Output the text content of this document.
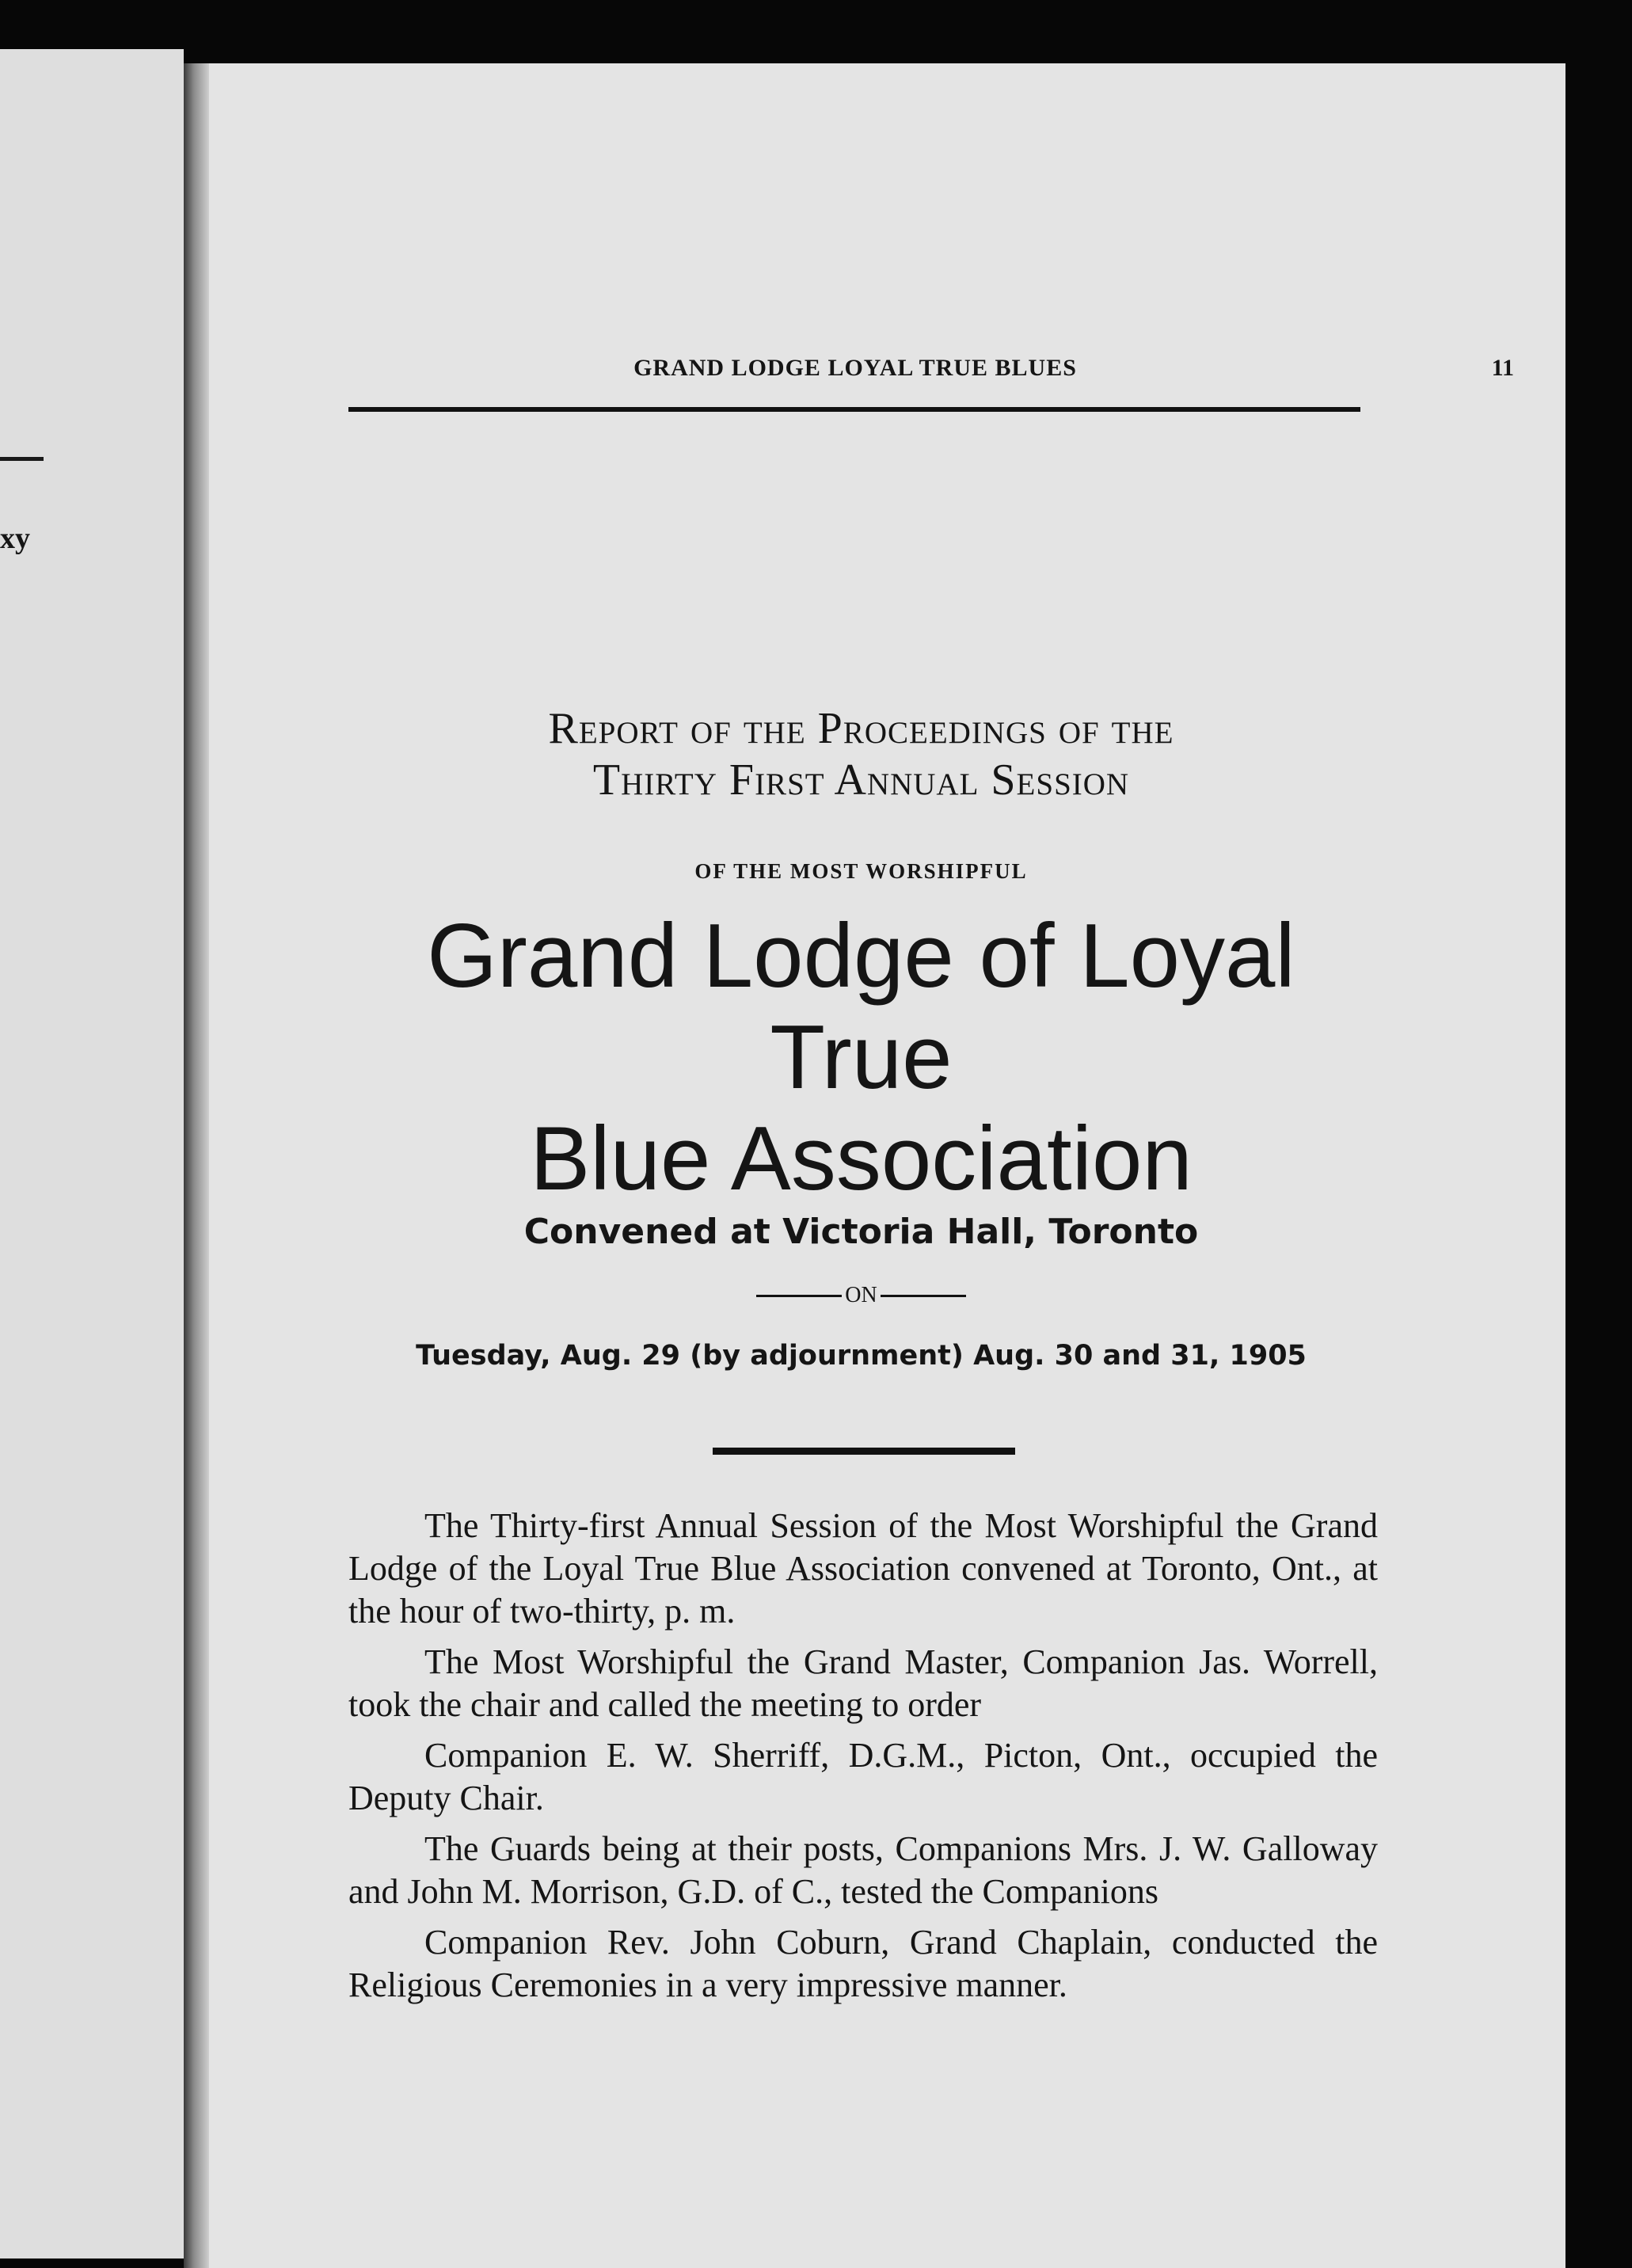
xy
GRAND LODGE LOYAL TRUE BLUES	11
Report of the Proceedings of the
Thirty First Annual Session
OF THE MOST WORSHIPFUL
Grand Lodge of Loyal True
Blue Association
Convened at Victoria Hall, Toronto
ON
Tuesday, Aug. 29 (by adjournment) Aug. 30 and 31, 1905

The Thirty-first Annual Session of the Most Worshipful the Grand Lodge of the Loyal True Blue Association convened at Toronto, Ont., at the hour of two-thirty, p. m.

The Most Worshipful the Grand Master, Companion Jas. Worrell, took the chair and called the meeting to order

Companion E. W. Sherriff, D.G.M., Picton, Ont., occupied the Deputy Chair.

The Guards being at their posts, Companions Mrs. J. W. Galloway and John M. Morrison, G.D. of C., tested the Companions

Companion Rev. John Coburn, Grand Chaplain, conducted the Religious Ceremonies in a very impressive manner.
